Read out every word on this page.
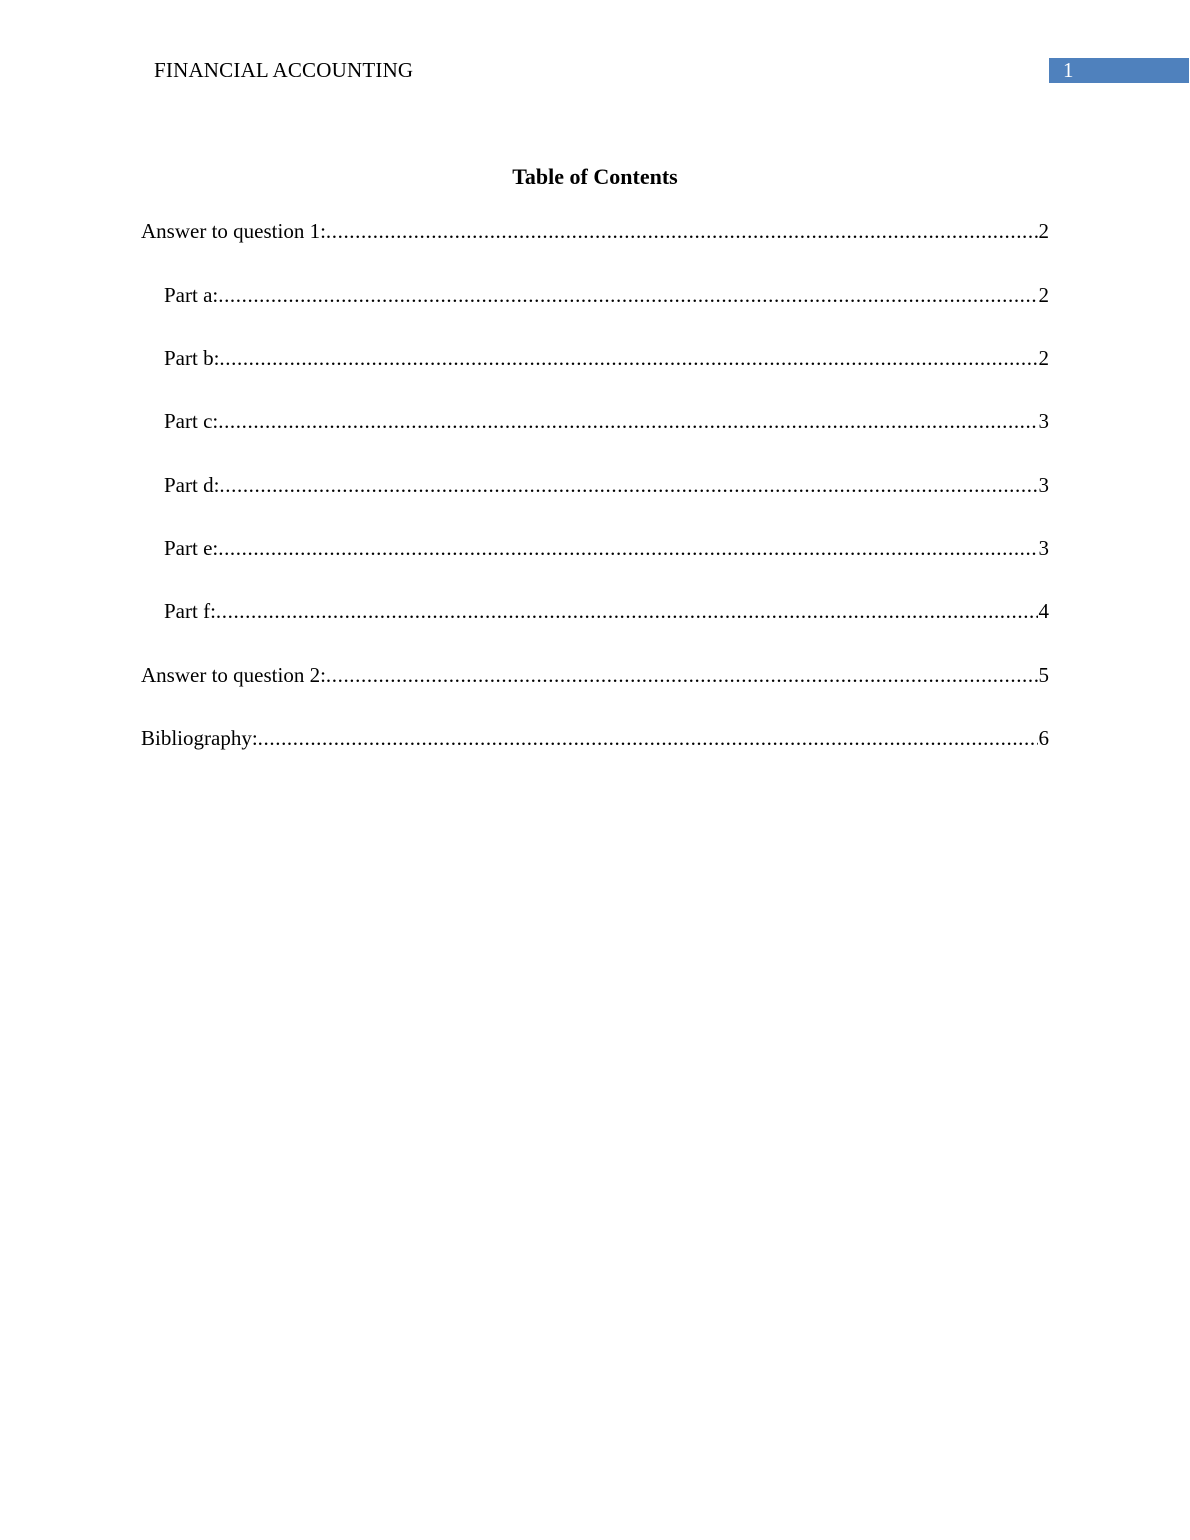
FINANCIAL ACCOUNTING	1
Table of Contents
Answer to question 1: .....	2
Part a: .....	2
Part b: .....	2
Part c: .....	3
Part d: .....	3
Part e: .....	3
Part f: .....	4
Answer to question 2: .....	5
Bibliography: .....	6
